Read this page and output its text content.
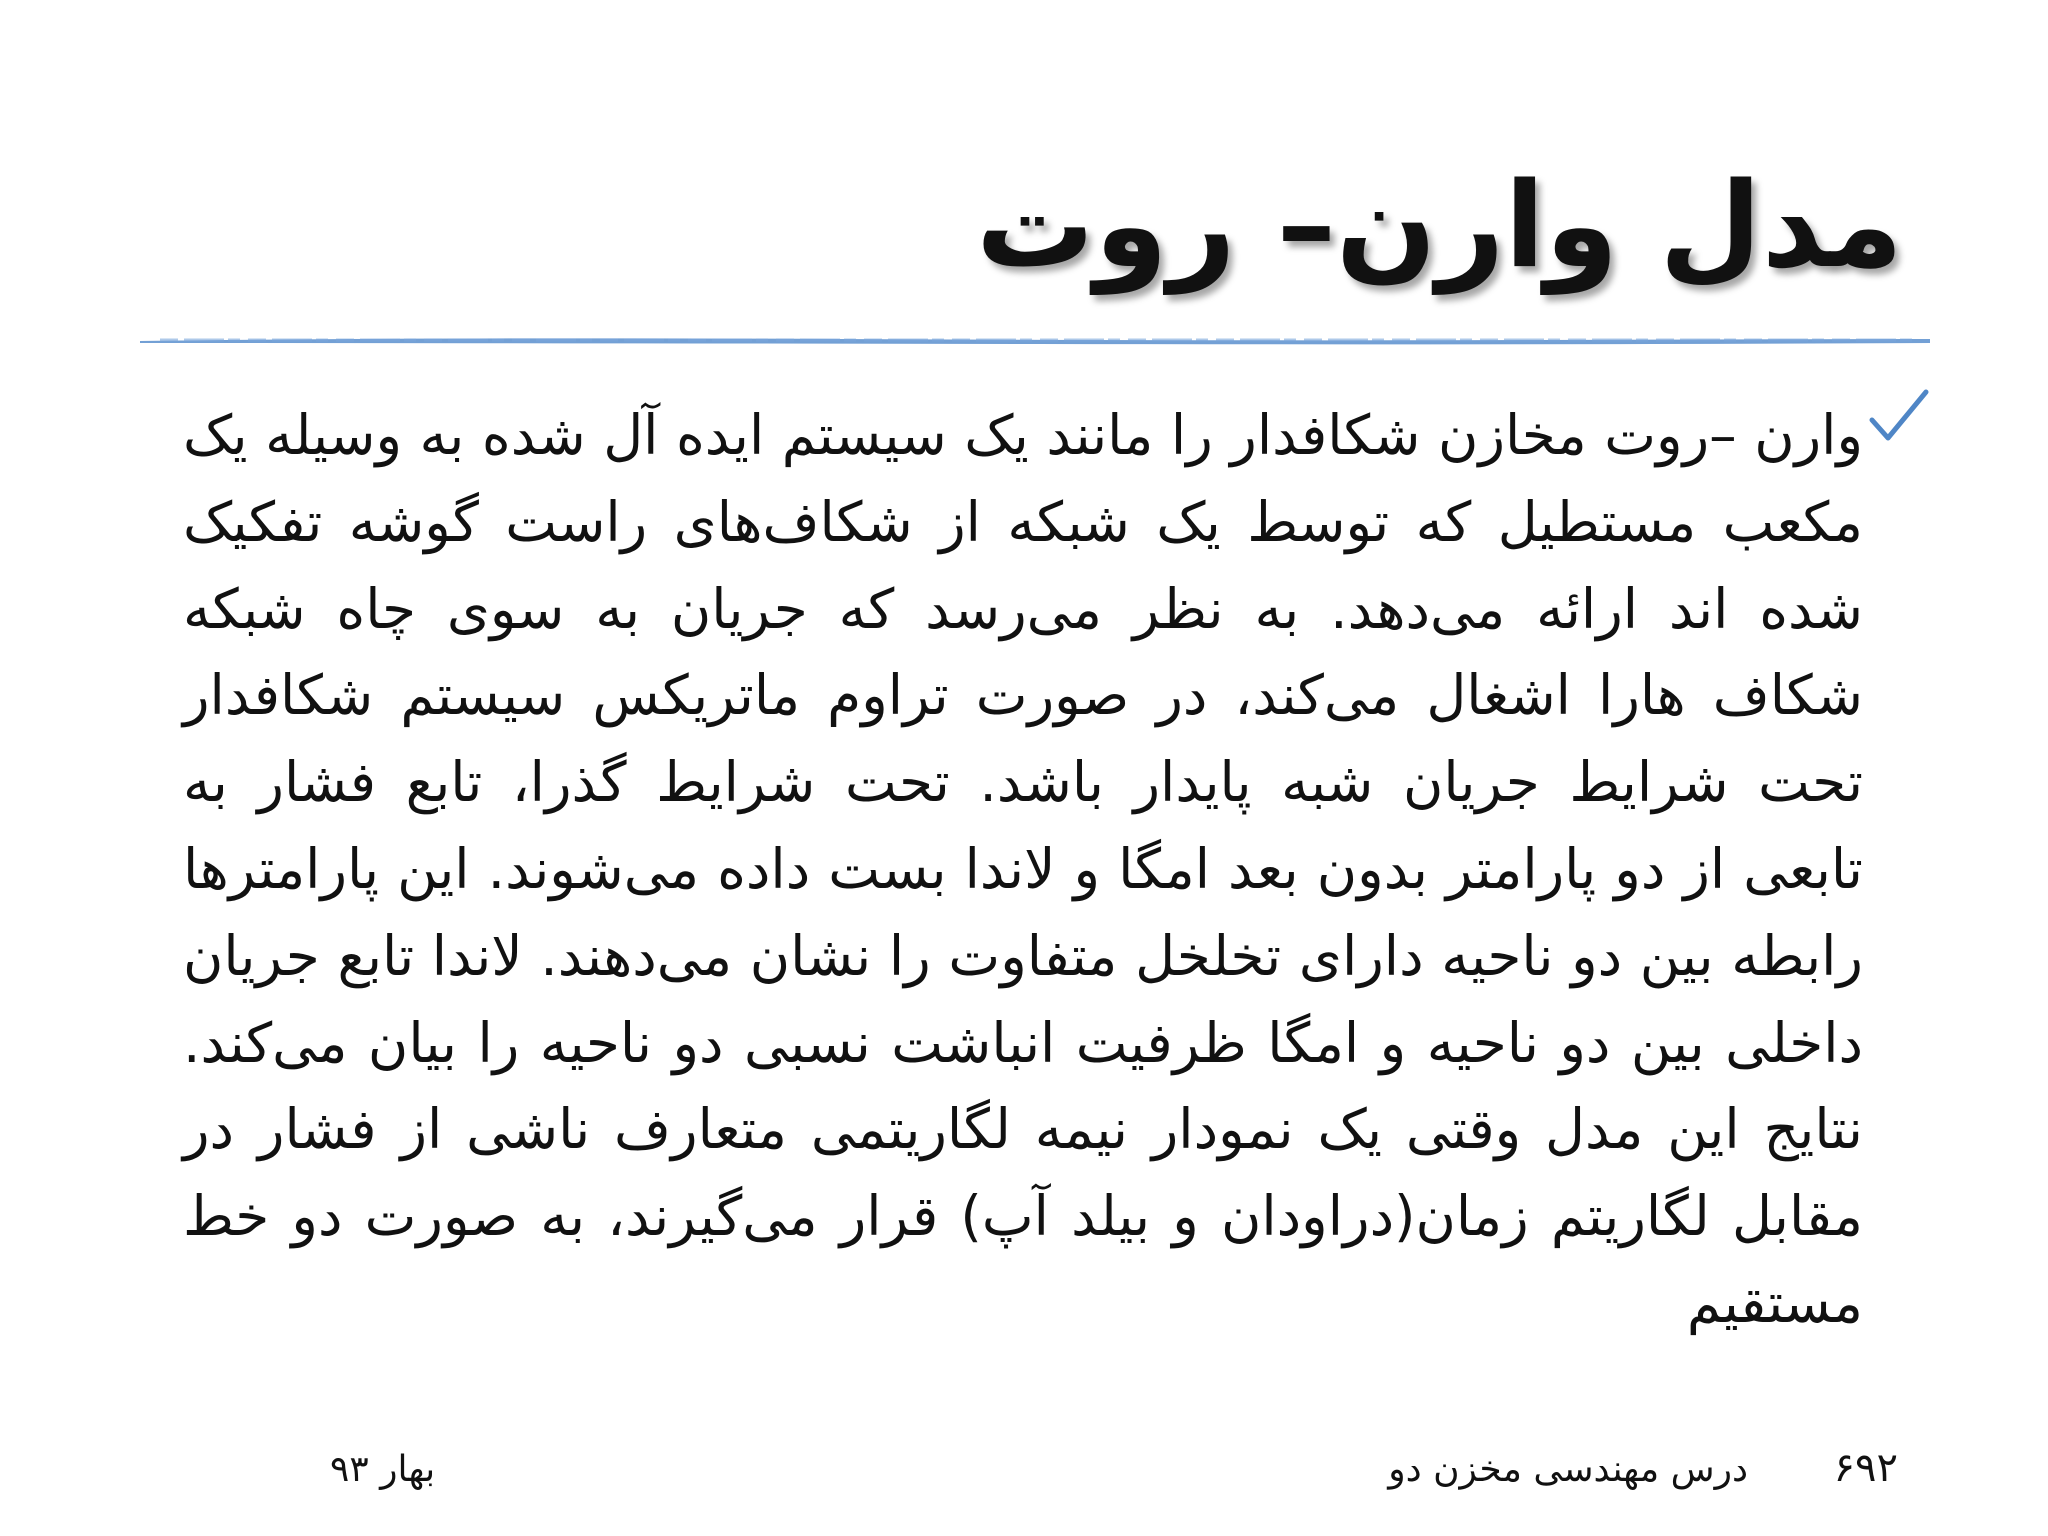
مدل وارن– روت

وارن –روت مخازن شکافدار را مانند یک سیستم ایده آل شده به وسیله یک مکعب مستطیل که توسط یک شبکه از شکاف‌های راست گوشه تفکیک شده اند ارائه می‌دهد. به نظر می‌رسد که جریان به سوی چاه شبکه شکاف هارا اشغال می‌کند، در صورت تراوم ماتریکس سیستم شکافدار تحت شرایط جریان شبه پایدار باشد. تحت شرایط گذرا، تابع فشار به تابعی از دو پارامتر بدون بعد امگا و لاندا بست داده می‌شوند. این پارامترها رابطه بین دو ناحیه دارای تخلخل متفاوت را نشان می‌دهند. لاندا تابع جریان داخلی بین دو ناحیه و امگا ظرفیت انباشت نسبی دو ناحیه را بیان می‌کند. نتایج این مدل وقتی یک نمودار نیمه لگاریتمی متعارف ناشی از فشار در مقابل لگاریتم زمان(دراودان و بیلد آپ) قرار می‌گیرند، به صورت دو خط مستقیم

۶۹۲
درس مهندسی مخزن دو
بهار ۹۳
